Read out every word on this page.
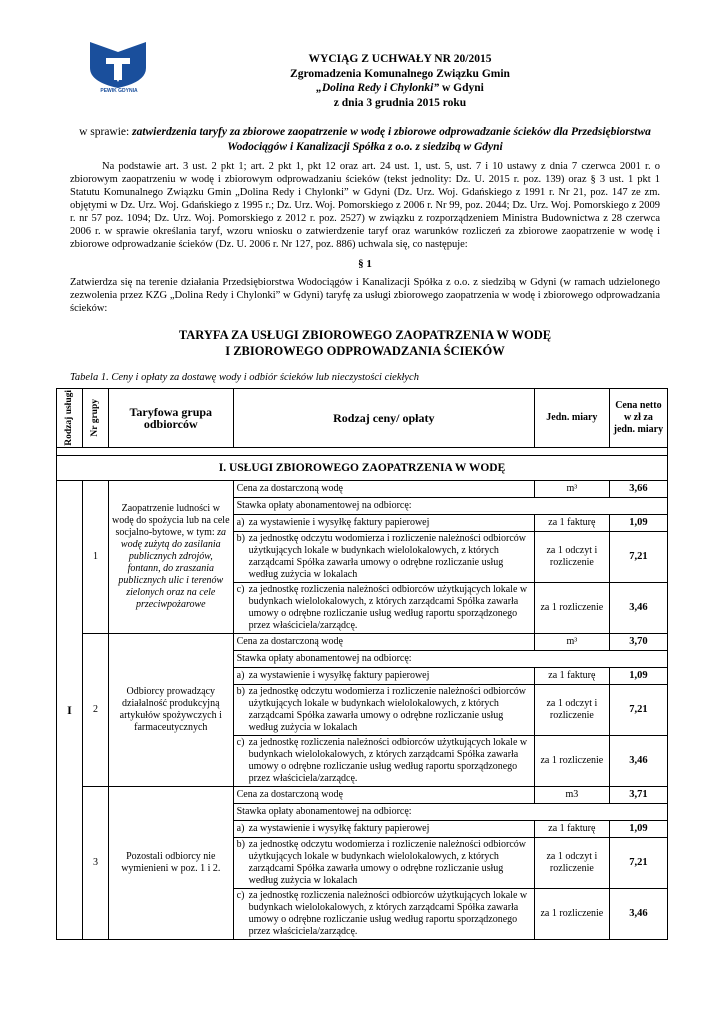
PEWIK GDYNIA
WYCIĄG Z UCHWAŁY NR 20/2015
Zgromadzenia Komunalnego Związku Gmin
„Dolina Redy i Chylonki” w Gdyni
z dnia 3 grudnia 2015 roku
w sprawie: zatwierdzenia taryfy za zbiorowe zaopatrzenie w wodę i zbiorowe odprowadzanie ścieków dla Przedsiębiorstwa Wodociągów i Kanalizacji Spółka z o.o. z siedzibą w Gdyni
Na podstawie art. 3 ust. 2 pkt 1; art. 2 pkt 1, pkt 12 oraz art. 24 ust. 1, ust. 5, ust. 7 i 10 ustawy z dnia 7 czerwca 2001 r. o zbiorowym zaopatrzeniu w wodę i zbiorowym odprowadzaniu ścieków (tekst jednolity: Dz. U. 2015 r. poz. 139) oraz § 3 ust. 1 pkt 1 Statutu Komunalnego Związku Gmin „Dolina Redy i Chylonki” w Gdyni (Dz. Urz. Woj. Gdańskiego z 1991 r. Nr 21, poz. 147 ze zm. objętymi w Dz. Urz. Woj. Gdańskiego z 1995 r.; Dz. Urz. Woj. Pomorskiego z 2006 r. Nr 99, poz. 2044; Dz. Urz. Woj. Pomorskiego z 2009 r. nr 57 poz. 1094; Dz. Urz. Woj. Pomorskiego z 2012 r. poz. 2527) w związku z rozporządzeniem Ministra Budownictwa z 28 czerwca 2006 r. w sprawie określania taryf, wzoru wniosku o zatwierdzenie taryf oraz warunków rozliczeń za zbiorowe zaopatrzenie w wodę i zbiorowe odprowadzanie ścieków (Dz. U. 2006 r. Nr 127, poz. 886) uchwala się, co następuje:
§ 1
Zatwierdza się na terenie działania Przedsiębiorstwa Wodociągów i Kanalizacji Spółka z o.o. z siedzibą w Gdyni (w ramach udzielonego zezwolenia przez KZG „Dolina Redy i Chylonki” w Gdyni) taryfę za usługi zbiorowego zaopatrzenia w wodę i zbiorowego odprowadzania ścieków:
TARYFA ZA USŁUGI ZBIOROWEGO ZAOPATRZENIA W WODĘ
I ZBIOROWEGO ODPROWADZANIA ŚCIEKÓW
Tabela 1. Ceny i opłaty za dostawę wody i odbiór ścieków lub nieczystości ciekłych
Rodzaj usługi	Nr grupy	Taryfowa grupa odbiorców	Rodzaj ceny/ opłaty	Jedn. miary	Cena netto w zł za jedn. miary

I. USŁUGI ZBIOROWEGO ZAOPATRZENIA W WODĘ					
I	1	Zaopatrzenie ludności w wodę do spożycia lub na cele socjalno-bytowe, w tym: za wodę zużytą do zasilania publicznych zdrojów, fontann, do zraszania publicznych ulic i terenów zielonych oraz na cele przeciwpożarowe	Cena za dostarczoną wodę	m³	3,66
			Stawka opłaty abonamentowej na odbiorcę:		

			a) za wystawienie i wysyłkę faktury papierowej	za 1 fakturę	1,09

			b) za jednostkę odczytu wodomierza i rozliczenie należności odbiorców użytkujących lokale w budynkach wielolokalowych, z których zarządcami Spółka zawarła umowy o odrębne rozliczanie usług według zużycia w lokalach	za 1 odczyt i rozliczenie	7,21

			c) za jednostkę rozliczenia należności odbiorców użytkujących lokale w budynkach wielolokalowych, z których zarządcami Spółka zawarła umowy o odrębne rozliczanie usług według raportu sporządzonego przez właściciela/zarządcę.	za 1 rozliczenie	3,46
	2	Odbiorcy prowadzący działalność produkcyjną artykułów spożywczych i farmaceutycznych	Cena za dostarczoną wodę	m³	3,70
			Stawka opłaty abonamentowej na odbiorcę:		

			a) za wystawienie i wysyłkę faktury papierowej	za 1 fakturę	1,09

			b) za jednostkę odczytu wodomierza i rozliczenie należności odbiorców użytkujących lokale w budynkach wielolokalowych, z których zarządcami Spółka zawarła umowy o odrębne rozliczanie usług według zużycia w lokalach	za 1 odczyt i rozliczenie	7,21

			c) za jednostkę rozliczenia należności odbiorców użytkujących lokale w budynkach wielolokalowych, z których zarządcami Spółka zawarła umowy o odrębne rozliczanie usług według raportu sporządzonego przez właściciela/zarządcę.	za 1 rozliczenie	3,46
	3	Pozostali odbiorcy nie wymienieni w poz. 1 i 2.	Cena za dostarczoną wodę	m3	3,71
			Stawka opłaty abonamentowej na odbiorcę:		

			a) za wystawienie i wysyłkę faktury papierowej	za 1 fakturę	1,09

			b) za jednostkę odczytu wodomierza i rozliczenie należności odbiorców użytkujących lokale w budynkach wielolokalowych, z których zarządcami Spółka zawarła umowy o odrębne rozliczanie usług według zużycia w lokalach	za 1 odczyt i rozliczenie	7,21

			c) za jednostkę rozliczenia należności odbiorców użytkujących lokale w budynkach wielolokalowych, z których zarządcami Spółka zawarła umowy o odrębne rozliczanie usług według raportu sporządzonego przez właściciela/zarządcę.	za 1 rozliczenie	3,46
